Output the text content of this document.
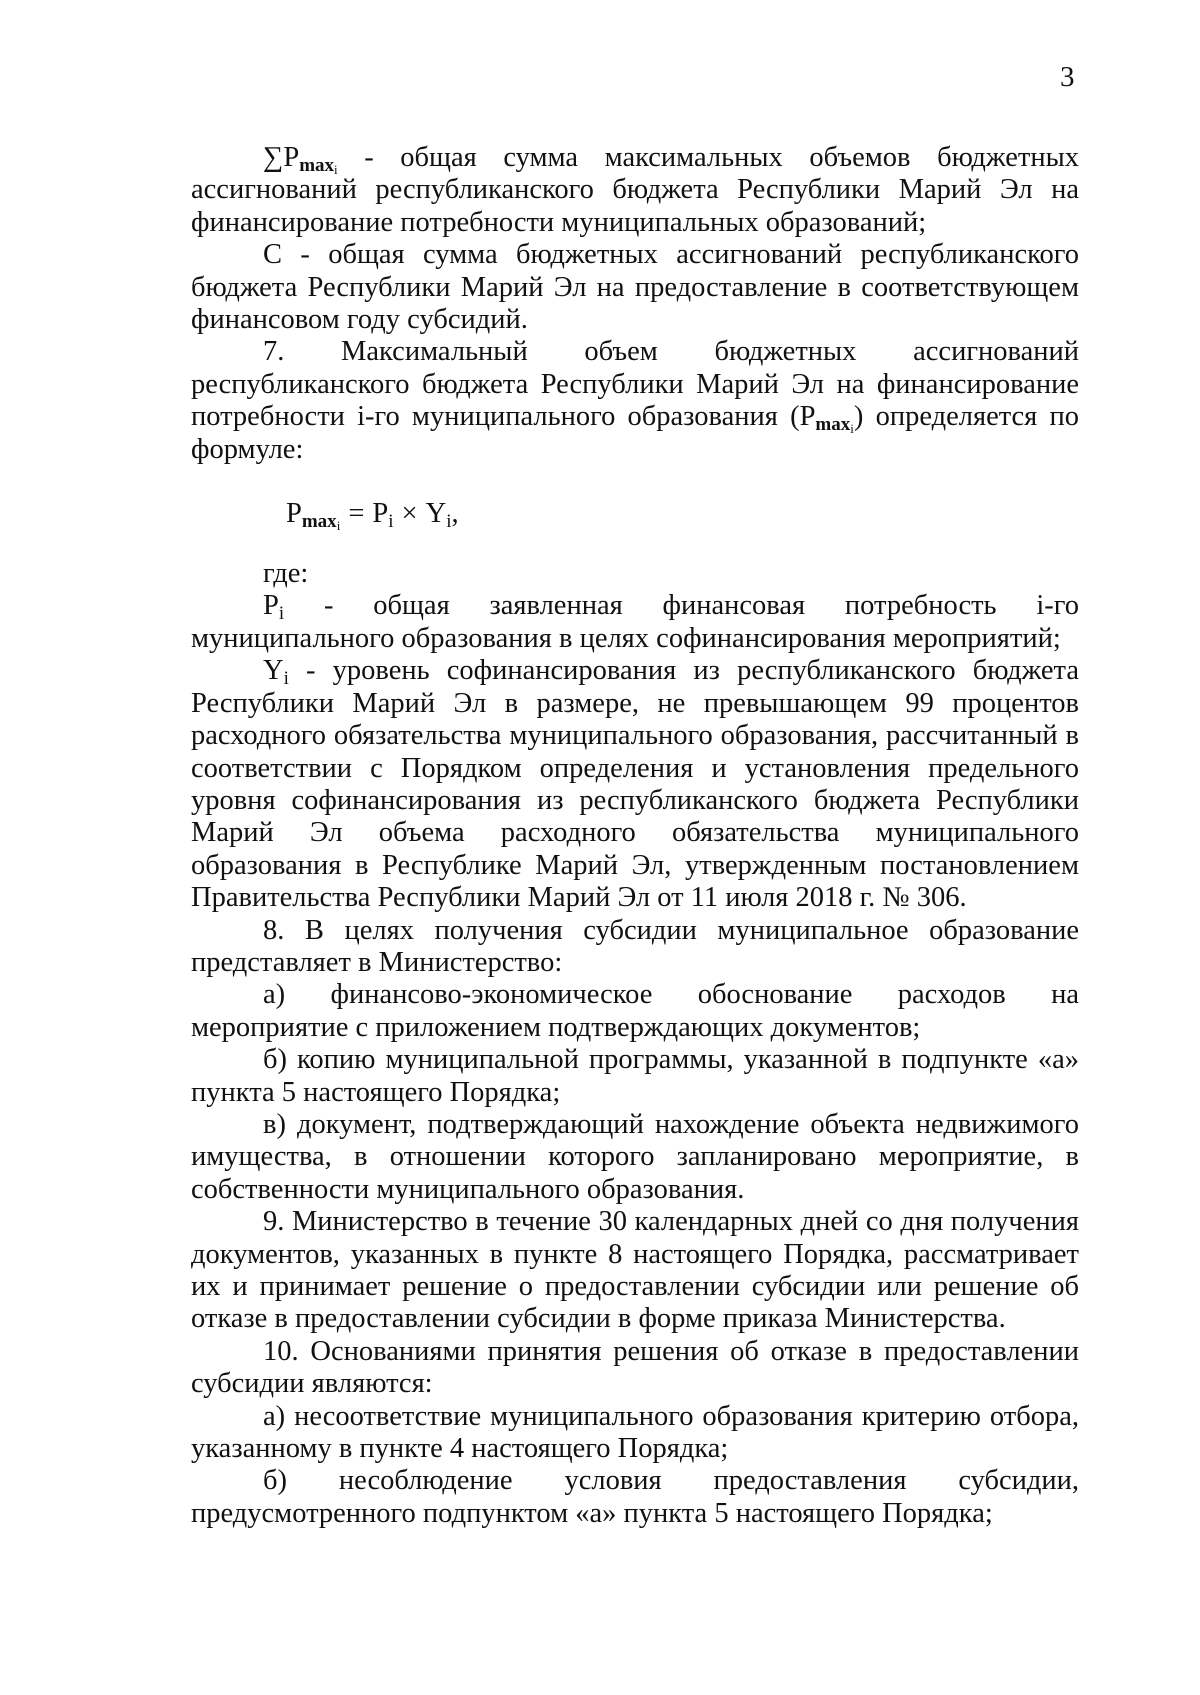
3

$\sum P_{max_i}$ - общая сумма максимальных объемов бюджетных ассигнований республиканского бюджета Республики Марий Эл на финансирование потребности муниципальных образований;

C - общая сумма бюджетных ассигнований республиканского бюджета Республики Марий Эл на предоставление в соответствующем финансовом году субсидий.

7. Максимальный объем бюджетных ассигнований республиканского бюджета Республики Марий Эл на финансирование потребности i-го муниципального образования $(P_{max_i})$ определяется по формуле:

$P_{max_i} = P_i \times Y_i$,

где:

$P_i$ - общая заявленная финансовая потребность i-го муниципального образования в целях софинансирования мероприятий;

$Y_i$ - уровень софинансирования из республиканского бюджета Республики Марий Эл в размере, не превышающем 99 процентов расходного обязательства муниципального образования, рассчитанный в соответствии с Порядком определения и установления предельного уровня софинансирования из республиканского бюджета Республики Марий Эл объема расходного обязательства муниципального образования в Республике Марий Эл, утвержденным постановлением Правительства Республики Марий Эл от 11 июля 2018 г. № 306.

8. В целях получения субсидии муниципальное образование представляет в Министерство:

а) финансово-экономическое обоснование расходов на мероприятие с приложением подтверждающих документов;

б) копию муниципальной программы, указанной в подпункте «а» пункта 5 настоящего Порядка;

в) документ, подтверждающий нахождение объекта недвижимого имущества, в отношении которого запланировано мероприятие, в собственности муниципального образования.

9. Министерство в течение 30 календарных дней со дня получения документов, указанных в пункте 8 настоящего Порядка, рассматривает их и принимает решение о предоставлении субсидии или решение об отказе в предоставлении субсидии в форме приказа Министерства.

10. Основаниями принятия решения об отказе в предоставлении субсидии являются:

а) несоответствие муниципального образования критерию отбора, указанному в пункте 4 настоящего Порядка;

б) несоблюдение условия предоставления субсидии, предусмотренного подпунктом «а» пункта 5 настоящего Порядка;
